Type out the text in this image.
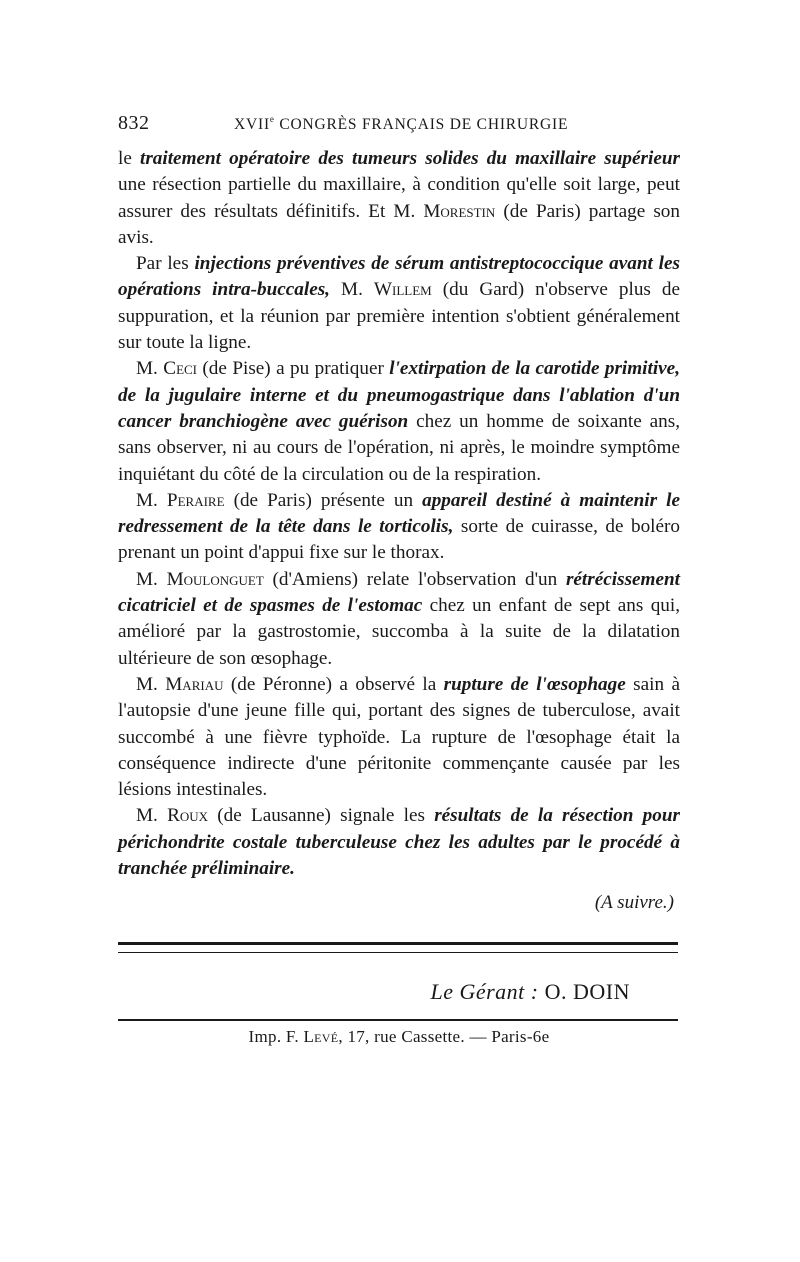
832	XVIIe CONGRÈS FRANÇAIS DE CHIRURGIE

le traitement opératoire des tumeurs solides du maxillaire supérieur une résection partielle du maxillaire, à condition qu'elle soit large, peut assurer des résultats définitifs. Et M. Morestin (de Paris) partage son avis.

Par les injections préventives de sérum antistreptococcique avant les opérations intra-buccales, M. Willem (du Gard) n'observe plus de suppuration, et la réunion par première intention s'obtient généralement sur toute la ligne.

M. Ceci (de Pise) a pu pratiquer l'extirpation de la carotide primitive, de la jugulaire interne et du pneumogastrique dans l'ablation d'un cancer branchiogène avec guérison chez un homme de soixante ans, sans observer, ni au cours de l'opération, ni après, le moindre symptôme inquiétant du côté de la circulation ou de la respiration.

M. Peraire (de Paris) présente un appareil destiné à maintenir le redressement de la tête dans le torticolis, sorte de cuirasse, de boléro prenant un point d'appui fixe sur le thorax.

M. Moulonguet (d'Amiens) relate l'observation d'un rétrécissement cicatriciel et de spasmes de l'estomac chez un enfant de sept ans qui, amélioré par la gastrostomie, succomba à la suite de la dilatation ultérieure de son œsophage.

M. Mariau (de Péronne) a observé la rupture de l'œsophage sain à l'autopsie d'une jeune fille qui, portant des signes de tuberculose, avait succombé à une fièvre typhoïde. La rupture de l'œsophage était la conséquence indirecte d'une péritonite commençante causée par les lésions intestinales.

M. Roux (de Lausanne) signale les résultats de la résection pour périchondrite costale tuberculeuse chez les adultes par le procédé à tranchée préliminaire.

(A suivre.)
Le Gérant : O. DOIN
Imp. F. Levé, 17, rue Cassette. — Paris-6e
